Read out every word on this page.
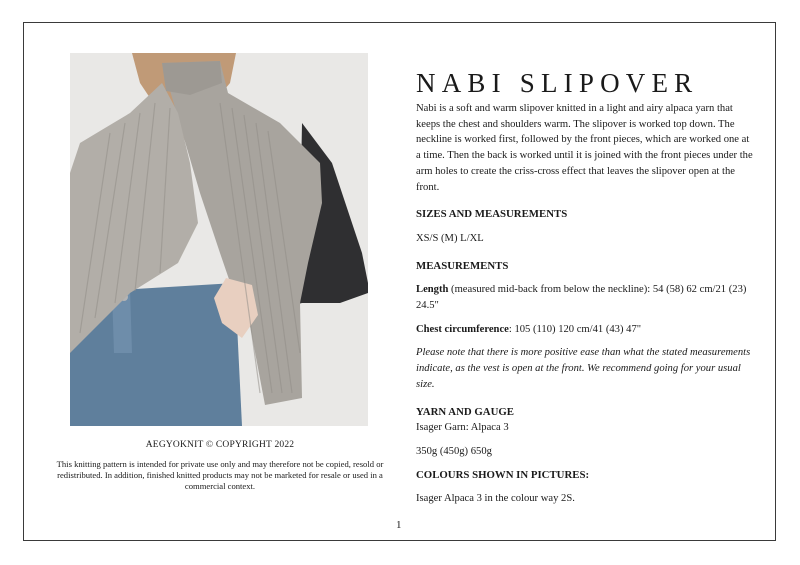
AEGYOKNIT © COPYRIGHT 2022
This knitting pattern is intended for private use only and may therefore not be copied, resold or redistributed. In addition, finished knitted products may not be marketed for resale or used in a commercial context.
NABI SLIPOVER

Nabi is a soft and warm slipover knitted in a light and airy alpaca yarn that keeps the chest and shoulders warm. The slipover is worked top down. The neckline is worked first, followed by the front pieces, which are worked one at a time. Then the back is worked until it is joined with the front pieces under the arm holes to create the criss-cross effect that leaves the slipover open at the front.

SIZES AND MEASUREMENTS

XS/S (M) L/XL

MEASUREMENTS

Length (measured mid-back from below the neckline): 54 (58) 62 cm/21 (23) 24.5"

Chest circumference: 105 (110) 120 cm/41 (43) 47"

Please note that there is more positive ease than what the stated measurements indicate, as the vest is open at the front. We recommend going for your usual size.

YARN AND GAUGE

Isager Garn: Alpaca 3

350g (450g) 650g

COLOURS SHOWN IN PICTURES:

Isager Alpaca 3 in the colour way 2S.

1
